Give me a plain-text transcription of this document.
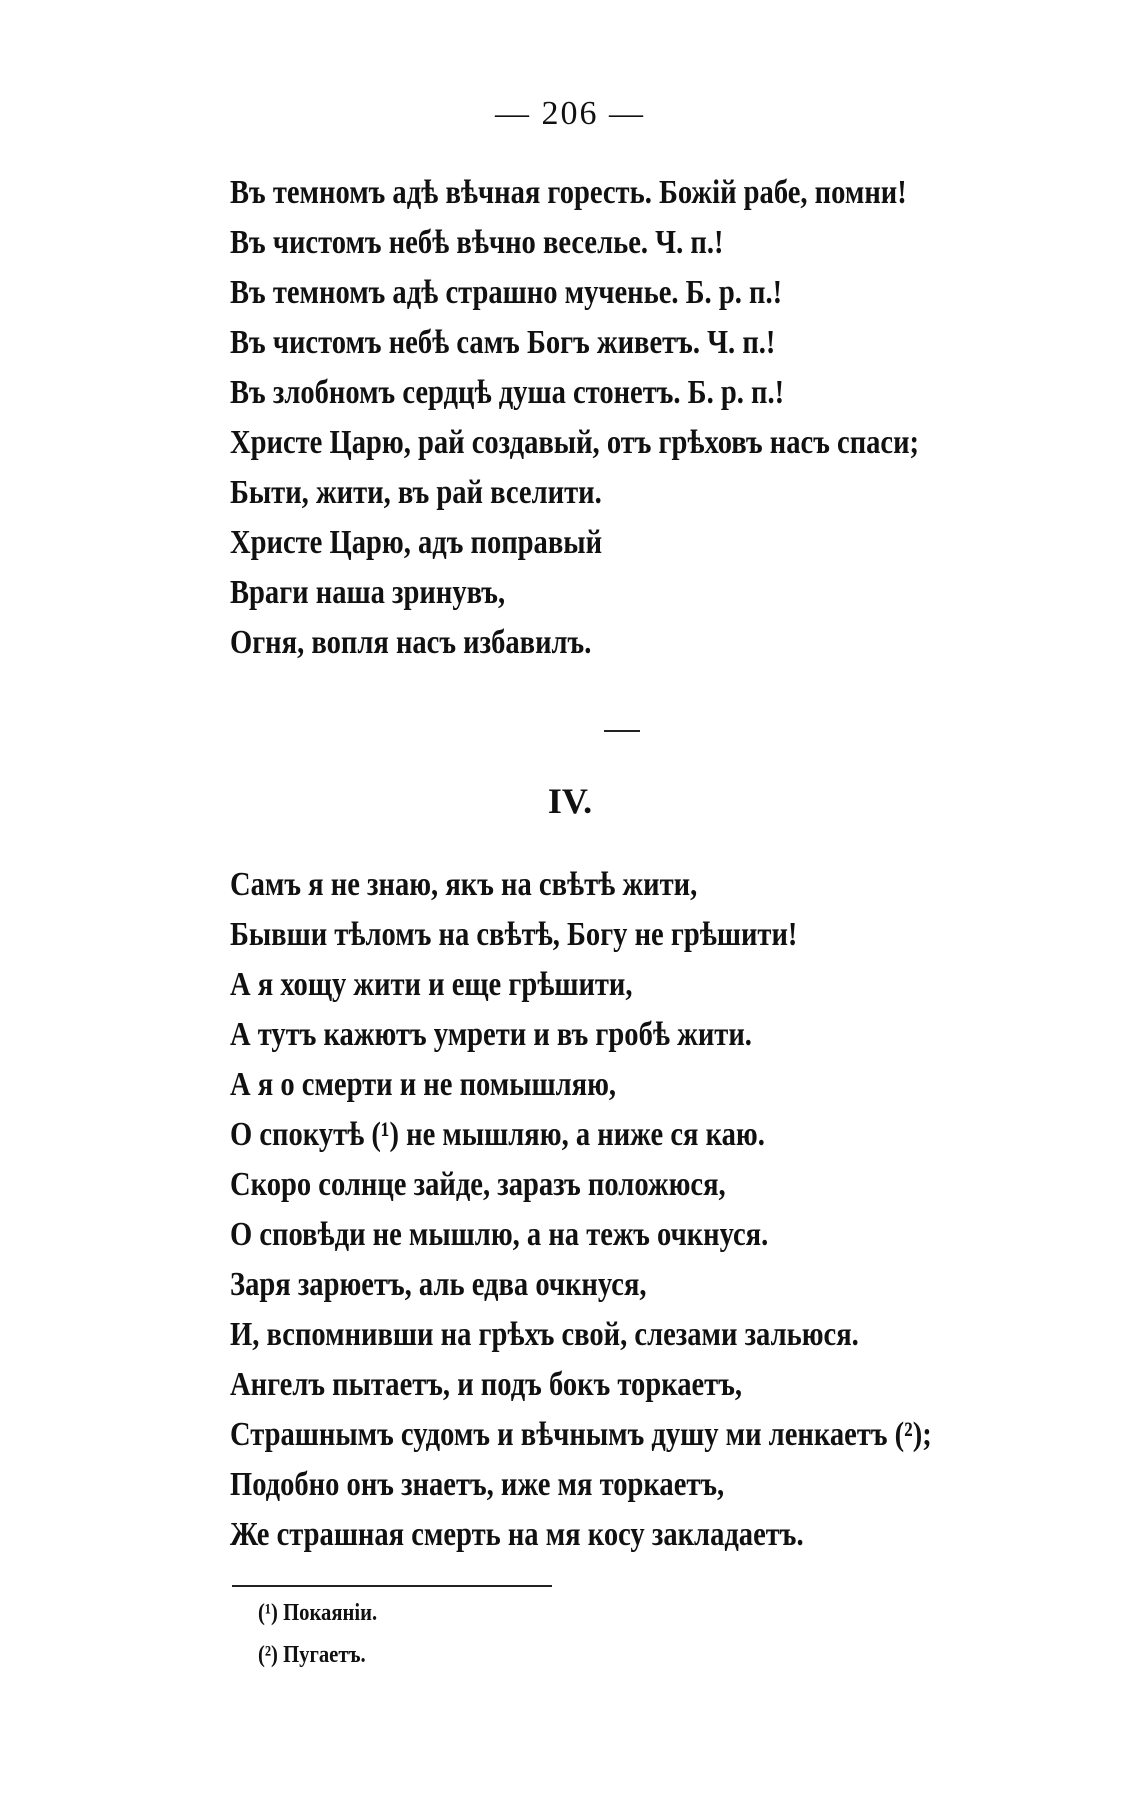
— 206 —
Въ темномъ адѣ вѣчная горесть. Божій рабе, помни!
Въ чистомъ небѣ вѣчно веселье. Ч. п.!
Въ темномъ адѣ страшно мученье. Б. р. п.!
Въ чистомъ небѣ самъ Богъ живетъ. Ч. п.!
Въ злобномъ сердцѣ душа стонетъ. Б. р. п.!
Христе Царю, рай создавый, отъ грѣховъ насъ спаси;
Быти, жити, въ рай вселити.
Христе Царю, адъ поправый
Враги наша зринувъ,
Огня, вопля насъ избавилъ.
IV.
Самъ я не знаю, якъ на свѣтѣ жити,
Бывши тѣломъ на свѣтѣ, Богу не грѣшити!
А я хощу жити и еще грѣшити,
А тутъ кажютъ умрети и въ гробѣ жити.
А я о смерти и не помышляю,
О спокутѣ (¹) не мышляю, а ниже ся каю.
Скоро солнце зайде, заразъ положюся,
О сповѣди не мышлю, а на тежъ очкнуся.
Заря зарюетъ, аль едва очкнуся,
И, вспомнивши на грѣхъ свой, слезами зальюся.
Ангелъ пытаетъ, и подъ бокъ торкаетъ,
Страшнымъ судомъ и вѣчнымъ душу ми ленкаетъ (²);
Подобно онъ знаетъ, иже мя торкаетъ,
Же страшная смерть на мя косу закладаетъ.
(¹) Покаяніи.
(²) Пугаетъ.
